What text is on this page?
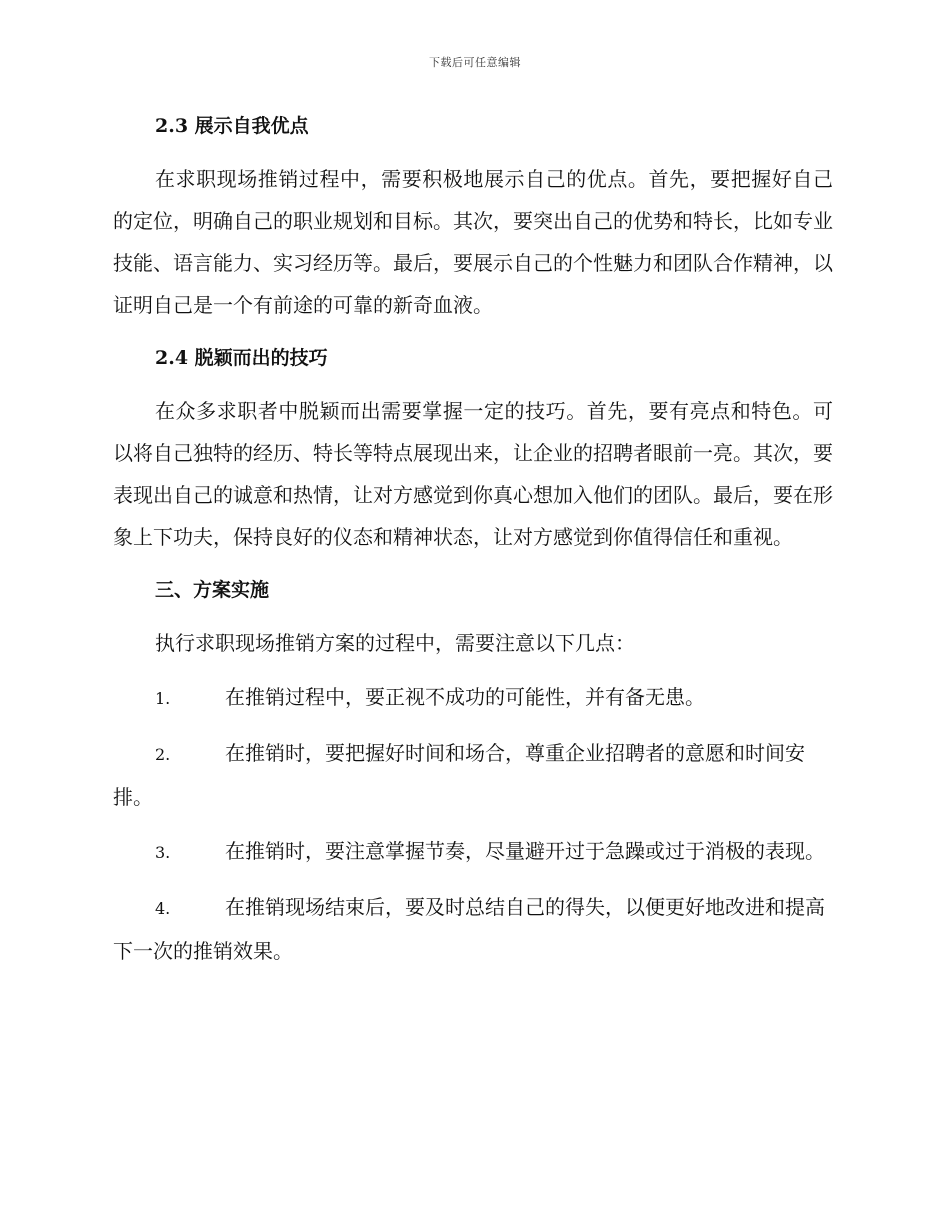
下载后可任意编辑
2.3 展示自我优点

在求职现场推销过程中，需要积极地展示自己的优点。首先，要把握好自己的定位，明确自己的职业规划和目标。其次，要突出自己的优势和特长，比如专业技能、语言能力、实习经历等。最后，要展示自己的个性魅力和团队合作精神，以证明自己是一个有前途的可靠的新奇血液。

2.4 脱颖而出的技巧

在众多求职者中脱颖而出需要掌握一定的技巧。首先，要有亮点和特色。可以将自己独特的经历、特长等特点展现出来，让企业的招聘者眼前一亮。其次，要表现出自己的诚意和热情，让对方感觉到你真心想加入他们的团队。最后，要在形象上下功夫，保持良好的仪态和精神状态，让对方感觉到你值得信任和重视。

三、方案实施

执行求职现场推销方案的过程中，需要注意以下几点：

1.	在推销过程中，要正视不成功的可能性，并有备无患。

2.	在推销时，要把握好时间和场合，尊重企业招聘者的意愿和时间安排。

3.	在推销时，要注意掌握节奏，尽量避开过于急躁或过于消极的表现。

4.	在推销现场结束后，要及时总结自己的得失，以便更好地改进和提高下一次的推销效果。
